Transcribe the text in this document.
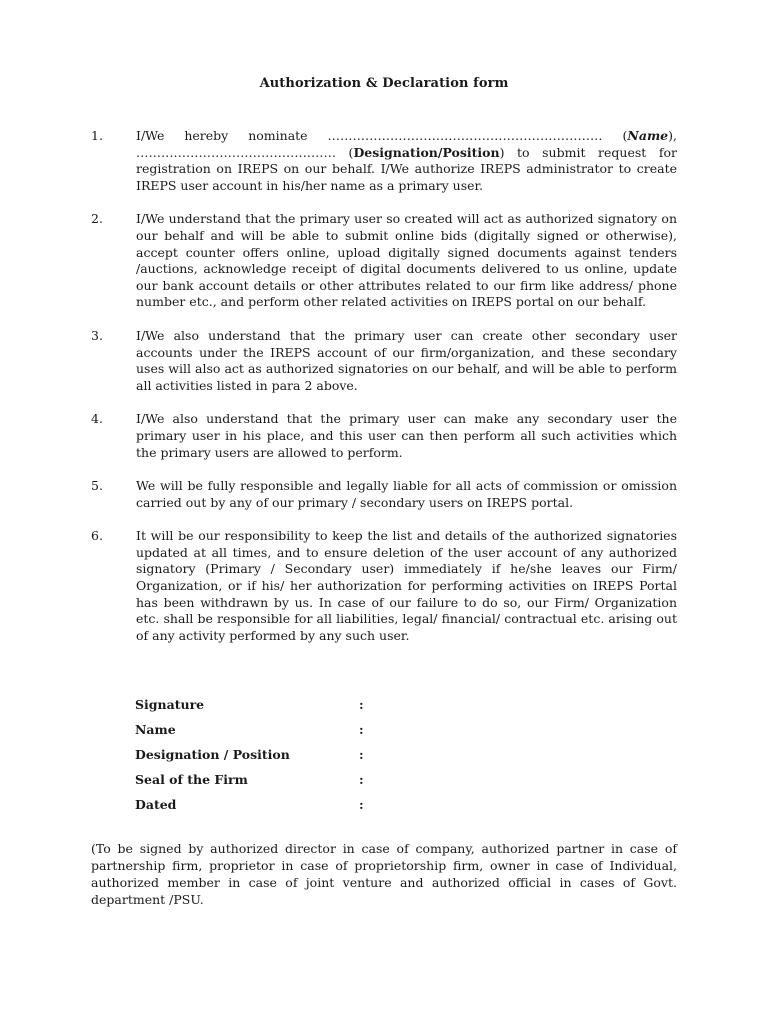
Authorization & Declaration form
1.	I/We hereby nominate ………………………………………………………… (Name), ………………………………………… (Designation/Position) to submit request for registration on IREPS on our behalf. I/We authorize IREPS administrator to create IREPS user account in his/her name as a primary user.
2.	I/We understand that the primary user so created will act as authorized signatory on our behalf and will be able to submit online bids (digitally signed or otherwise), accept counter offers online, upload digitally signed documents against tenders /auctions, acknowledge receipt of digital documents delivered to us online, update our bank account details or other attributes related to our firm like address/ phone number etc., and perform other related activities on IREPS portal on our behalf.
3.	I/We also understand that the primary user can create other secondary user accounts under the IREPS account of our firm/organization, and these secondary uses will also act as authorized signatories on our behalf, and will be able to perform all activities listed in para 2 above.
4.	I/We also understand that the primary user can make any secondary user the primary user in his place, and this user can then perform all such activities which the primary users are allowed to perform.
5.	We will be fully responsible and legally liable for all acts of commission or omission carried out by any of our primary / secondary users on IREPS portal.
6.	It will be our responsibility to keep the list and details of the authorized signatories updated at all times, and to ensure deletion of the user account of any authorized signatory (Primary / Secondary user) immediately if he/she leaves our Firm/ Organization, or if his/ her authorization for performing activities on IREPS Portal has been withdrawn by us. In case of our failure to do so, our Firm/ Organization etc. shall be responsible for all liabilities, legal/ financial/ contractual etc. arising out of any activity performed by any such user.
Signature	:
Name	:
Designation / Position	:
Seal of the Firm	:
Dated	:
(To be signed by authorized director in case of company, authorized partner in case of partnership firm, proprietor in case of proprietorship firm, owner in case of Individual, authorized member in case of joint venture and authorized official in cases of Govt. department /PSU.
